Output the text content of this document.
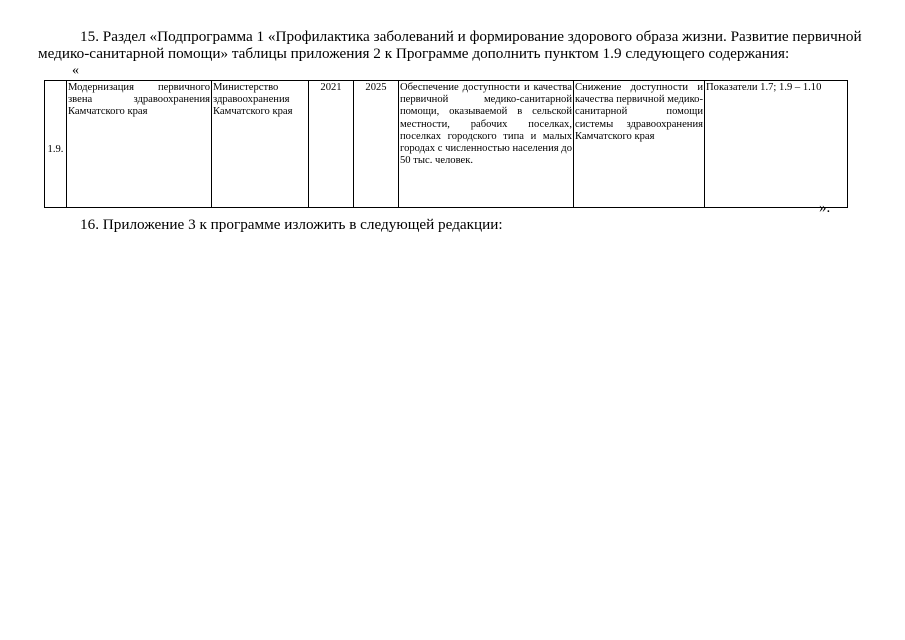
15. Раздел «Подпрограмма 1 «Профилактика заболеваний и формирование здорового образа жизни. Развитие первичной медико-санитарной помощи» таблицы приложения 2 к Программе дополнить пунктом 1.9 следующего содержания:

«
1.9.	Модернизация первичного звена здравоохранения Камчатского края	Министерство здравоохранения Камчатского края	2021	2025	Обеспечение доступности и качества первичной медико-санитарной помощи, оказываемой в сельской местности, рабочих поселках, поселках городского типа и малых городах с численностью населения до 50 тыс. человек.	Снижение доступности и качества первичной медико-санитарной помощи системы здравоохранения Камчатского края	Показатели 1.7; 1.9 – 1.10
».

16. Приложение 3 к программе изложить в следующей редакции:
